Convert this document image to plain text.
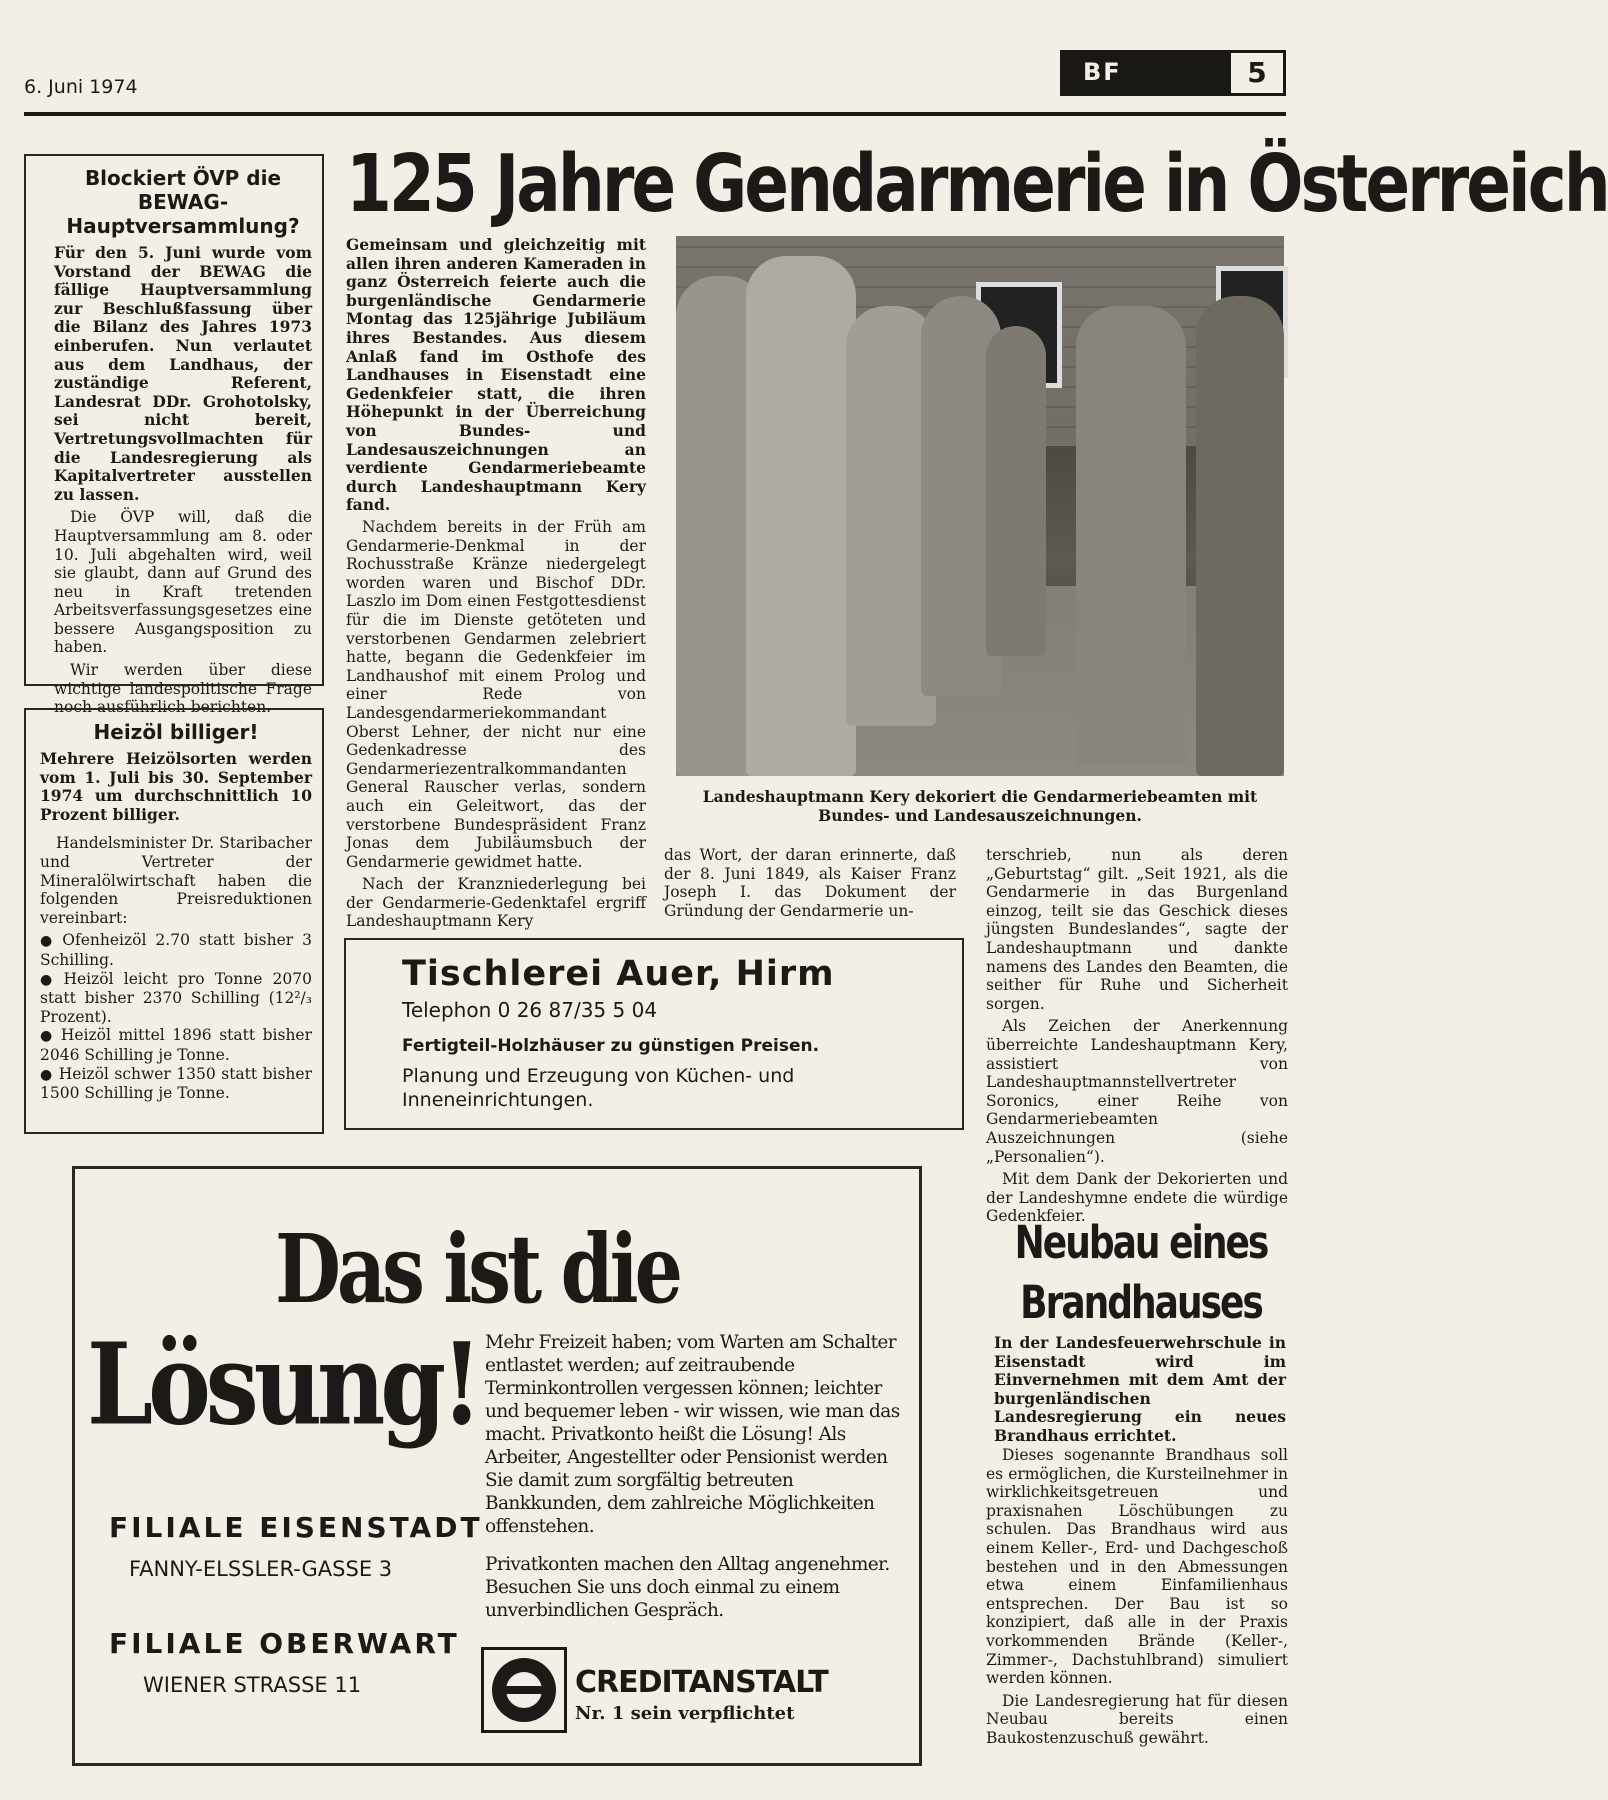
6. Juni 1974
BF	5
Blockiert ÖVP die BEWAG-Hauptversammlung?

Für den 5. Juni wurde vom Vorstand der BEWAG die fällige Hauptversammlung zur Beschlußfassung über die Bilanz des Jahres 1973 einberufen. Nun verlautet aus dem Landhaus, der zuständige Referent, Landesrat DDr. Grohotolsky, sei nicht bereit, Vertretungsvollmachten für die Landesregierung als Kapitalvertreter ausstellen zu lassen.

Die ÖVP will, daß die Hauptversammlung am 8. oder 10. Juli abgehalten wird, weil sie glaubt, dann auf Grund des neu in Kraft tretenden Arbeitsverfassungsgesetzes eine bessere Ausgangsposition zu haben.

Wir werden über diese wichtige landespolitische Frage noch ausführlich berichten.

Heizöl billiger!

Mehrere Heizölsorten werden vom 1. Juli bis 30. September 1974 um durchschnittlich 10 Prozent billiger.

Handelsminister Dr. Staribacher und Vertreter der Mineralölwirtschaft haben die folgenden Preisreduktionen vereinbart:

● Ofenheizöl 2.70 statt bisher 3 Schilling.

● Heizöl leicht pro Tonne 2070 statt bisher 2370 Schilling (12²/₃ Prozent).

● Heizöl mittel 1896 statt bisher 2046 Schilling je Tonne.

● Heizöl schwer 1350 statt bisher 1500 Schilling je Tonne.

125 Jahre Gendarmerie in Österreich
Gemeinsam und gleichzeitig mit allen ihren anderen Kameraden in ganz Österreich feierte auch die burgenländische Gendarmerie Montag das 125jährige Jubiläum ihres Bestandes. Aus diesem Anlaß fand im Osthofe des Landhauses in Eisenstadt eine Gedenkfeier statt, die ihren Höhepunkt in der Überreichung von Bundes- und Landesauszeichnungen an verdiente Gendarmeriebeamte durch Landeshauptmann Kery fand.

Nachdem bereits in der Früh am Gendarmerie-Denkmal in der Rochusstraße Kränze niedergelegt worden waren und Bischof DDr. Laszlo im Dom einen Festgottesdienst für die im Dienste getöteten und verstorbenen Gendarmen zelebriert hatte, begann die Gedenkfeier im Landhaushof mit einem Prolog und einer Rede von Landesgendarmeriekommandant Oberst Lehner, der nicht nur eine Gedenkadresse des Gendarmeriezentralkommandanten General Rauscher verlas, sondern auch ein Geleitwort, das der verstorbene Bundespräsident Franz Jonas dem Jubiläumsbuch der Gendarmerie gewidmet hatte.

Nach der Kranzniederlegung bei der Gendarmerie-Gedenktafel ergriff Landeshauptmann Kery

Landeshauptmann Kery dekoriert die Gendarmeriebeamten mit Bundes- und Landesauszeichnungen.

das Wort, der daran erinnerte, daß der 8. Juni 1849, als Kaiser Franz Joseph I. das Dokument der Gründung der Gendarmerie un-

terschrieb, nun als deren „Geburtstag“ gilt. „Seit 1921, als die Gendarmerie in das Burgenland einzog, teilt sie das Geschick dieses jüngsten Bundeslandes“, sagte der Landeshauptmann und dankte namens des Landes den Beamten, die seither für Ruhe und Sicherheit sorgen.

Als Zeichen der Anerkennung überreichte Landeshauptmann Kery, assistiert von Landeshauptmannstellvertreter Soronics, einer Reihe von Gendarmeriebeamten Auszeichnungen (siehe „Personalien“).

Mit dem Dank der Dekorierten und der Landeshymne endete die würdige Gedenkfeier.

Tischlerei Auer, Hirm
Telephon 0 26 87/35 5 04
Fertigteil-Holzhäuser zu günstigen Preisen.
Planung und Erzeugung von Küchen- und Inneneinrichtungen.
Das ist die
Lösung! Mehr Freizeit haben; vom Warten am Schalter entlastet werden; auf zeitraubende Terminkontrollen vergessen können; leichter und bequemer leben - wir wissen, wie man das macht. Privatkonto heißt die Lösung! Als Arbeiter, Angestellter oder Pensionist werden Sie damit zum sorgfältig betreuten Bankkunden, dem zahlreiche Möglichkeiten offenstehen.
Privatkonten machen den Alltag angenehmer. Besuchen Sie uns doch einmal zu einem unverbindlichen Gespräch.
FILIALE EISENSTADT
FANNY-ELSSLER-GASSE 3
FILIALE OBERWART
WIENER STRASSE 11	CREDITANSTALT
Nr. 1 sein verpflichtet
Neubau eines Brandhauses
In der Landesfeuerwehrschule in Eisenstadt wird im Einvernehmen mit dem Amt der burgenländischen Landesregierung ein neues Brandhaus errichtet.

Dieses sogenannte Brandhaus soll es ermöglichen, die Kursteilnehmer in wirklichkeitsgetreuen und praxisnahen Löschübungen zu schulen. Das Brandhaus wird aus einem Keller-, Erd- und Dachgeschoß bestehen und in den Abmessungen etwa einem Einfamilienhaus entsprechen. Der Bau ist so konzipiert, daß alle in der Praxis vorkommenden Brände (Keller-, Zimmer-, Dachstuhlbrand) simuliert werden können.

Die Landesregierung hat für diesen Neubau bereits einen Baukostenzuschuß gewährt.
